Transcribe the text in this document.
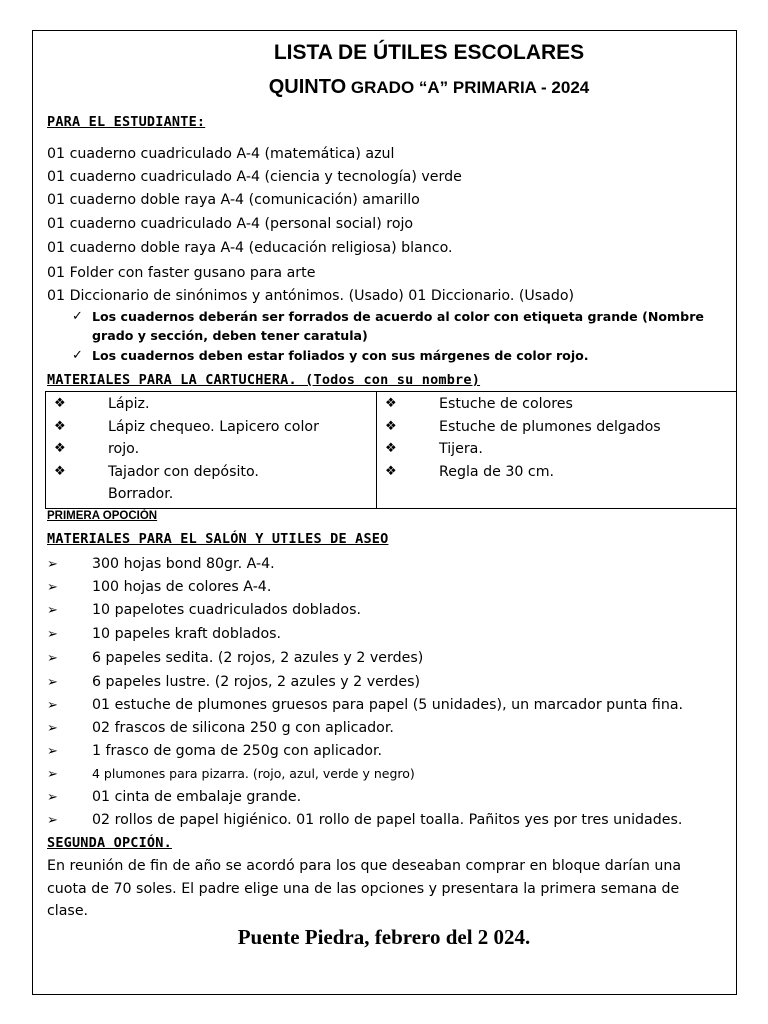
LISTA DE ÚTILES ESCOLARES
QUINTO GRADO “A” PRIMARIA - 2024
PARA EL ESTUDIANTE:
01 cuaderno cuadriculado A-4 (matemática) azul
01 cuaderno cuadriculado A-4 (ciencia y tecnología) verde
01 cuaderno doble raya A-4 (comunicación) amarillo
01 cuaderno cuadriculado A-4 (personal social) rojo
01 cuaderno doble raya A-4 (educación religiosa) blanco.
01 Folder con faster gusano para arte
01 Diccionario de sinónimos y antónimos. (Usado) 01 Diccionario. (Usado)
✓ Los cuadernos deberán ser forrados de acuerdo al color con etiqueta grande (Nombre grado y sección, deben tener caratula)
✓ Los cuadernos deben estar foliados y con sus márgenes de color rojo.
MATERIALES PARA LA CARTUCHERA. (Todos con su nombre)
❖	Lápiz.
❖	Lápiz chequeo. Lapicero color
❖	rojo.
❖	Tajador con depósito.
Borrador.
❖	Estuche de colores
❖	Estuche de plumones delgados
❖	Tijera.
❖	Regla de 30 cm.
PRIMERA OPOCIÓN
MATERIALES PARA EL SALÓN Y UTILES DE ASEO
➢ 300 hojas bond 80gr. A-4.
➢ 100 hojas de colores A-4.
➢ 10 papelotes cuadriculados doblados.
➢ 10 papeles kraft doblados.
➢ 6 papeles sedita. (2 rojos, 2 azules y 2 verdes)
➢ 6 papeles lustre. (2 rojos, 2 azules y 2 verdes)
➢ 01 estuche de plumones gruesos para papel (5 unidades), un marcador punta fina.
➢ 02 frascos de silicona 250 g con aplicador.
➢ 1 frasco de goma de 250g con aplicador.
➢	4 plumones para pizarra. (rojo, azul, verde y negro)
➢ 01 cinta de embalaje grande.
➢ 02 rollos de papel higiénico. 01 rollo de papel toalla. Pañitos yes por tres unidades.
SEGUNDA OPCIÓN.
En reunión de fin de año se acordó para los que deseaban comprar en bloque darían una cuota de 70 soles. El padre elige una de las opciones y presentara la primera semana de clase.
Puente Piedra, febrero del 2 024.
